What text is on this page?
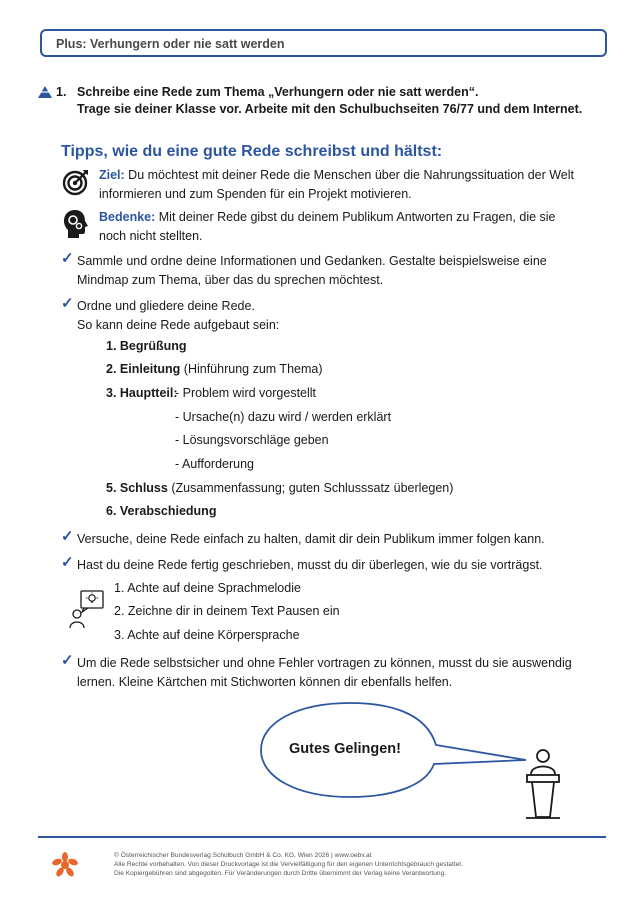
Plus: Verhungern oder nie satt werden
1. Schreibe eine Rede zum Thema „Verhungern oder nie satt werden“.
Trage sie deiner Klasse vor. Arbeite mit den Schulbuchseiten 76/77 und dem Internet.
Tipps, wie du eine gute Rede schreibst und hältst:
Ziel: Du möchtest mit deiner Rede die Menschen über die Nahrungssituation der Welt
informieren und zum Spenden für ein Projekt motivieren.
Bedenke: Mit deiner Rede gibst du deinem Publikum Antworten zu Fragen, die sie
noch nicht stellten.
✓ Sammle und ordne deine Informationen und Gedanken. Gestalte beispielsweise eine
Mindmap zum Thema, über das du sprechen möchtest.
✓ Ordne und gliedere deine Rede.
So kann deine Rede aufgebaut sein:
1. Begrüßung
2. Einleitung (Hinführung zum Thema)
3. Hauptteil:
- Problem wird vorgestellt
- Ursache(n) dazu wird / werden erklärt
- Lösungsvorschläge geben
- Aufforderung
5. Schluss (Zusammenfassung; guten Schlusssatz überlegen)
6. Verabschiedung
✓ Versuche, deine Rede einfach zu halten, damit dir dein Publikum immer folgen kann.
✓ Hast du deine Rede fertig geschrieben, musst du dir überlegen, wie du sie vorträgst.
1. Achte auf deine Sprachmelodie
2. Zeichne dir in deinem Text Pausen ein
3. Achte auf deine Körpersprache
✓ Um die Rede selbstsicher und ohne Fehler vortragen zu können, musst du sie auswendig
lernen. Kleine Kärtchen mit Stichworten können dir ebenfalls helfen.
Gutes Gelingen!
© Österreichischer Bundesverlag Schulbuch GmbH & Co. KG, Wien 2026 | www.oebv.at
Alle Rechte vorbehalten. Von dieser Druckvorlage ist die Vervielfältigung für den eigenen Unterrichtsgebrauch gestattet.
Die Kopiergebühren sind abgegolten. Für Veränderungen durch Dritte übernimmt der Verlag keine Verantwortung.
